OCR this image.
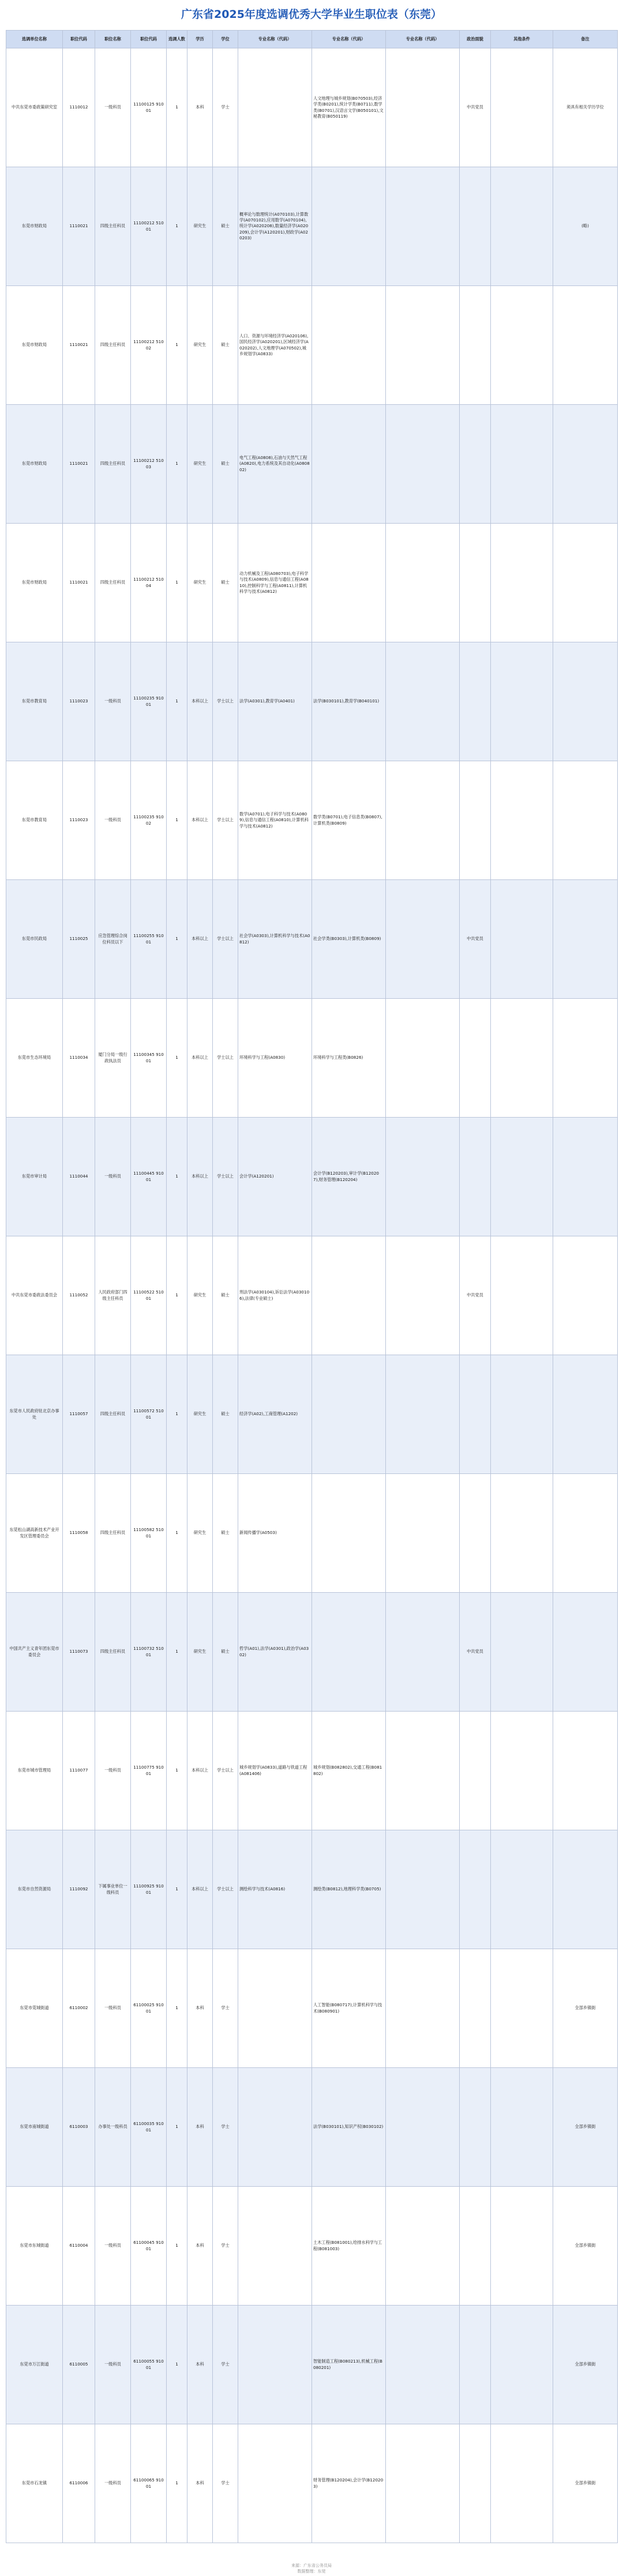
广东省2025年度选调优秀大学毕业生职位表（东莞）
选调单位名称	职位代码	职位名称	职位代码	选调人数	学历	学位	专业名称（代码）	专业名称（代码）	专业名称（代码）	政治面貌	其他条件	备注
中共东莞市委政策研究室	1110012	一级科员	11100125 91001	1	本科	学士		人文地理与城乡规划(B070503),经济学类(B0201),统计学类(B0711),数学类(B0701),汉语言文学(B050101),文秘教育(B050119)		中共党员		须具有相关学历学位
东莞市财政局	1110021	四级主任科员	11100212 51001	1	研究生	硕士	概率论与数理统计(A070103),计算数学(A070102),应用数学(A070104),统计学(A020208),数量经济学(A020209),会计学(A120201),财政学(A020203)					(略)
东莞市财政局	1110021	四级主任科员	11100212 51002	1	研究生	硕士	人口、资源与环境经济学(A020106),国民经济学(A020201),区域经济学(A020202),人文地理学(A070502),城乡规划学(A0833)					
东莞市财政局	1110021	四级主任科员	11100212 51003	1	研究生	硕士	电气工程(A0808),石油与天然气工程(A0820),电力系统及其自动化(A080802)					
东莞市财政局	1110021	四级主任科员	11100212 51004	1	研究生	硕士	动力机械及工程(A080703),电子科学与技术(A0809),信息与通信工程(A0810),控制科学与工程(A0811),计算机科学与技术(A0812)					
东莞市教育局	1110023	一级科员	11100235 91001	1	本科以上	学士以上	法学(A0301),教育学(A0401)	法学(B030101),教育学(B040101)				
东莞市教育局	1110023	一级科员	11100235 91002	1	本科以上	学士以上	数学(A0701),电子科学与技术(A0809),信息与通信工程(A0810),计算机科学与技术(A0812)	数学类(B0701),电子信息类(B0807),计算机类(B0809)				
东莞市民政局	1110025	应急管理综合岗位科员以下	11100255 91001	1	本科以上	学士以上	社会学(A0303),计算机科学与技术(A0812)	社会学类(B0303),计算机类(B0809)		中共党员		
东莞市生态环境局	1110034	厦门分局一级行政执法员	11100345 91001	1	本科以上	学士以上	环境科学与工程(A0830)	环境科学与工程类(B0826)				
东莞市审计局	1110044	一级科员	11100445 91001	1	本科以上	学士以上	会计学(A120201)	会计学(B120203),审计学(B120207),财务管理(B120204)				
中共东莞市委政法委员会	1110052	人民政府部门四级主任科员	11100522 51001	1	研究生	硕士	刑法学(A030104),诉讼法学(A030106),法律(专业硕士)			中共党员		
东莞市人民政府驻北京办事处	1110057	四级主任科员	11100572 51001	1	研究生	硕士	经济学(A02),工商管理(A1202)					
东莞松山湖高新技术产业开发区管理委员会	1110058	四级主任科员	11100582 51001	1	研究生	硕士	新闻传播学(A0503)					
中国共产主义青年团东莞市委员会	1110073	四级主任科员	11100732 51001	1	研究生	硕士	哲学(A01),法学(A0301),政治学(A0302)			中共党员		
东莞市城市管理局	1110077	一级科员	11100775 91001	1	本科以上	学士以上	城乡规划学(A0833),道路与铁道工程(A081406)	城乡规划(B082802),交通工程(B081802)				
东莞市自然资源局	1110092	下属事业单位一级科员	11100925 91001	1	本科以上	学士以上	测绘科学与技术(A0816)	测绘类(B0812),地理科学类(B0705)				
东莞市莞城街道	6110002	一级科员	61100025 91001	1	本科	学士		人工智能(B080717),计算机科学与技术(B080901)				全部乡镇街
东莞市南城街道	6110003	办事处一级科员	61100035 91001	1	本科	学士		法学(B030101),知识产权(B030102)				全部乡镇街
东莞市东城街道	6110004	一级科员	61100045 91001	1	本科	学士		土木工程(B081001),给排水科学与工程(B081003)				全部乡镇街
东莞市万江街道	6110005	一级科员	61100055 91001	1	本科	学士		智能制造工程(B080213),机械工程(B080201)				全部乡镇街
东莞市石龙镇	6110006	一级科员	61100065 91001	1	本科	学士		财务管理(B120204),会计学(B120203)				全部乡镇街
来源：广东省公务员局
数据整理：东莞
